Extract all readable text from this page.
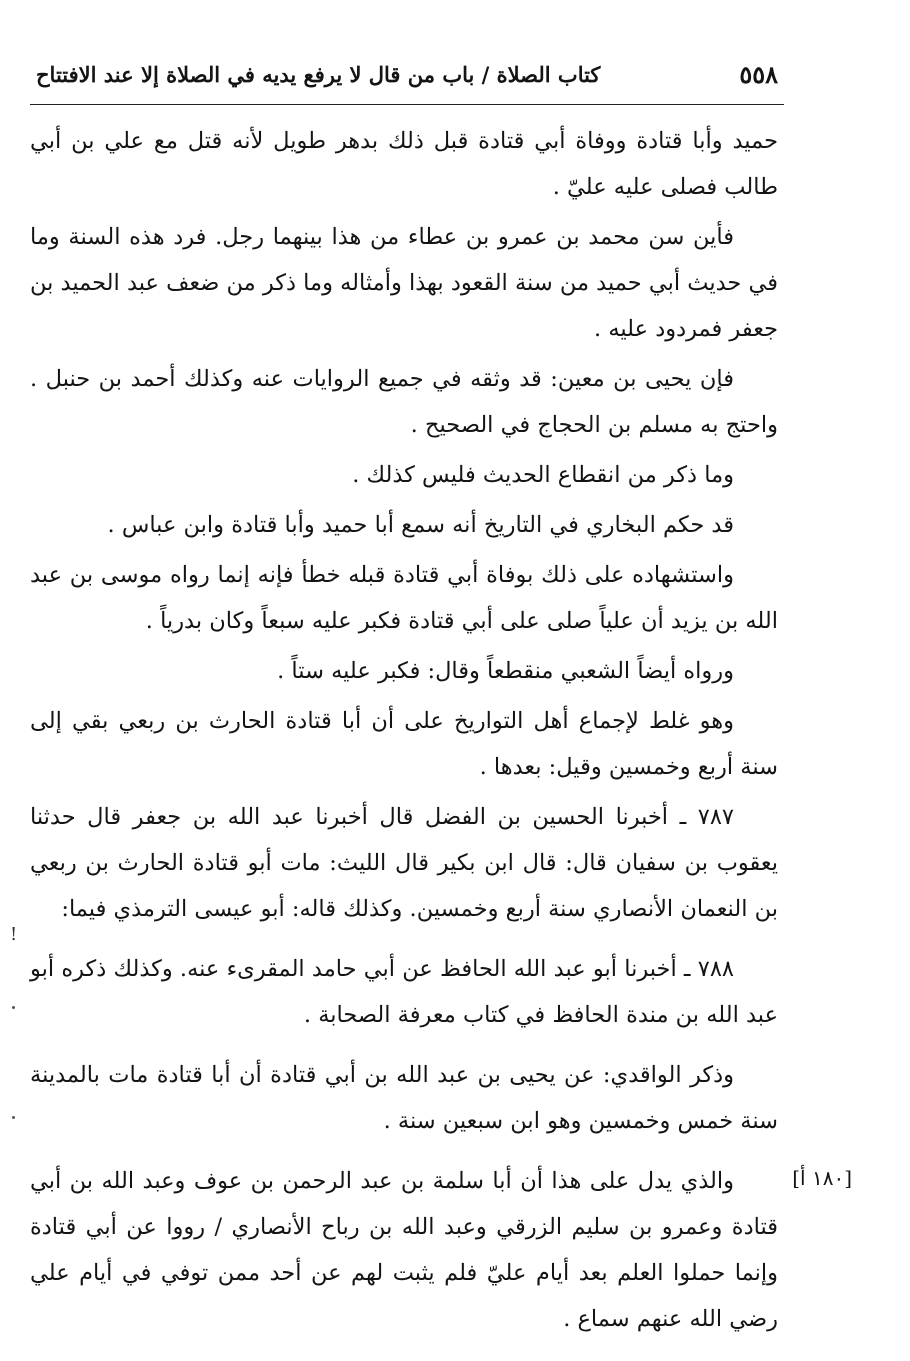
٥٥٨
كتاب الصلاة / باب من قال لا يرفع يديه في الصلاة إلا عند الافتتاح

حميد وأبا قتادة ووفاة أبي قتادة قبل ذلك بدهر طويل لأنه قتل مع علي بن أبي طالب فصلى عليه عليّ .

فأين سن محمد بن عمرو بن عطاء من هذا بينهما رجل. فرد هذه السنة وما في حديث أبي حميد من سنة القعود بهذا وأمثاله وما ذكر من ضعف عبد الحميد بن جعفر فمردود عليه .

فإن يحيى بن معين: قد وثقه في جميع الروايات عنه وكذلك أحمد بن حنبل . واحتج به مسلم بن الحجاج في الصحيح .

وما ذكر من انقطاع الحديث فليس كذلك .

قد حكم البخاري في التاريخ أنه سمع أبا حميد وأبا قتادة وابن عباس .

واستشهاده على ذلك بوفاة أبي قتادة قبله خطأ فإنه إنما رواه موسى بن عبد الله بن يزيد أن علياً صلى على أبي قتادة فكبر عليه سبعاً وكان بدرياً .

ورواه أيضاً الشعبي منقطعاً وقال: فكبر عليه ستاً .

وهو غلط لإجماع أهل التواريخ على أن أبا قتادة الحارث بن ربعي بقي إلى سنة أربع وخمسين وقيل: بعدها .

٧٨٧ ـ أخبرنا الحسين بن الفضل قال أخبرنا عبد الله بن جعفر قال حدثنا يعقوب بن سفيان قال: قال ابن بكير قال الليث: مات أبو قتادة الحارث بن ربعي بن النعمان الأنصاري سنة أربع وخمسين. وكذلك قاله: أبو عيسى الترمذي فيما:

٧٨٨ ـ أخبرنا أبو عبد الله الحافظ عن أبي حامد المقرىء عنه. وكذلك ذكره أبو عبد الله بن مندة الحافظ في كتاب معرفة الصحابة .

وذكر الواقدي: عن يحيى بن عبد الله بن أبي قتادة أن أبا قتادة مات بالمدينة سنة خمس وخمسين وهو ابن سبعين سنة .

والذي يدل على هذا أن أبا سلمة بن عبد الرحمن بن عوف وعبد الله بن أبي قتادة وعمرو بن سليم الزرقي وعبد الله بن رباح الأنصاري / رووا عن أبي قتادة وإنما حملوا العلم بعد أيام عليّ فلم يثبت لهم عن أحد ممن توفي في أيام علي رضي الله عنهم سماع .

[١٨٠ أ]
!
